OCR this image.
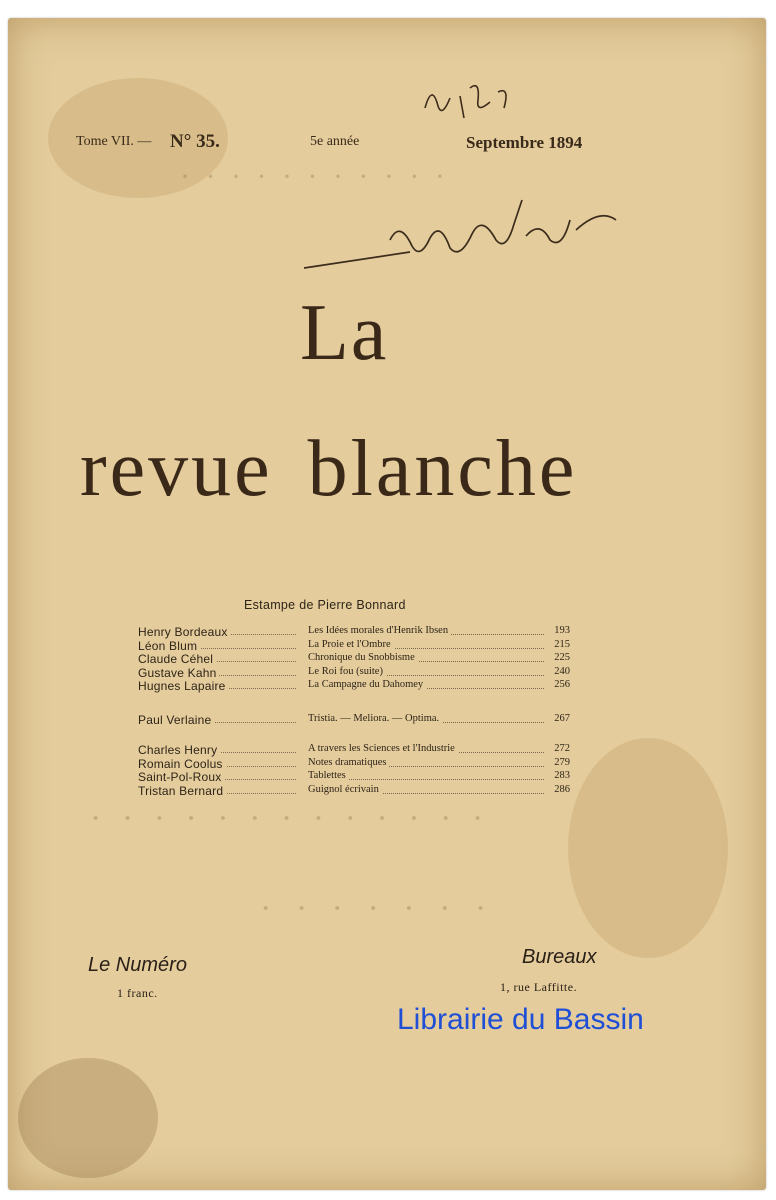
· · · · · · · · · · ·
· · · · · · · · · · · · ·
· · · · · · ·
Tome VII. — N° 35.	5e année	Septembre 1894
La
revue blanche
Estampe de Pierre Bonnard
Henry Bordeaux	Les Idées morales d'Henrik Ibsen	193
Léon Blum	La Proie et l'Ombre	215
Claude Céhel	Chronique du Snobbisme	225
Gustave Kahn	Le Roi fou (suite)	240
Hugnes Lapaire	La Campagne du Dahomey	256
Paul Verlaine	Tristia. — Meliora. — Optima.	267
Charles Henry	A travers les Sciences et l'Industrie	272
Romain Coolus	Notes dramatiques	279
Saint-Pol-Roux	Tablettes	283
Tristan Bernard	Guignol écrivain	286
Le Numéro
1 franc.
Bureaux
1, rue Laffitte.
Librairie du Bassin
